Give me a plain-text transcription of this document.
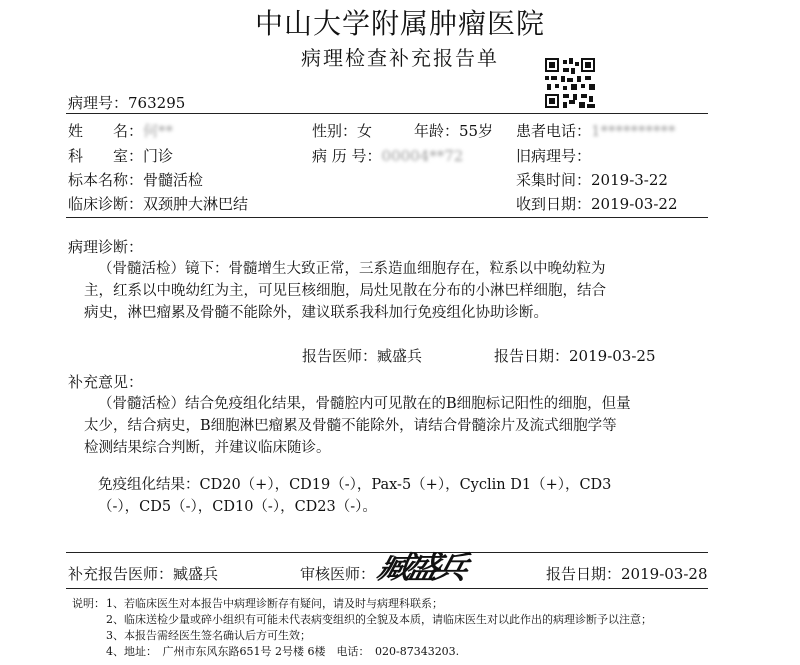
中山大学附属肿瘤医院
病理检查补充报告单
病理号：763295
姓　　名：何**	性别：女	年龄：55岁 患者电话：1**********
科　　室：门诊	病 历 号：00004**72	旧病理号：
标本名称：骨髓活检	采集时间：2019-3-22
临床诊断：双颈肿大淋巴结	收到日期：2019-03-22
病理诊断：
（骨髓活检）镜下：骨髓增生大致正常，三系造血细胞存在，粒系以中晚幼粒为
主，红系以中晚幼红为主，可见巨核细胞，局灶见散在分布的小淋巴样细胞，结合
病史，淋巴瘤累及骨髓不能除外，建议联系我科加行免疫组化协助诊断。
报告医师：臧盛兵	报告日期：2019-03-25
补充意见：
（骨髓活检）结合免疫组化结果，骨髓腔内可见散在的B细胞标记阳性的细胞，但量
太少，结合病史，B细胞淋巴瘤累及骨髓不能除外，请结合骨髓涂片及流式细胞学等
检测结果综合判断，并建议临床随诊。
免疫组化结果：CD20（+），CD19（-），Pax-5（+），Cyclin D1（+），CD3
（-），CD5（-），CD10（-），CD23（-）。
补充报告医师：臧盛兵	审核医师：
臧盛兵	报告日期：2019-03-28
说明： 1、若临床医生对本报告中病理诊断存有疑问，请及时与病理科联系；
2、临床送检少量或碎小组织有可能未代表病变组织的全貌及本质，请临床医生对以此作出的病理诊断予以注意；
3、本报告需经医生签名确认后方可生效；
4、地址：　广州市东风东路651号 2号楼 6楼　电话：　020-87343203.
